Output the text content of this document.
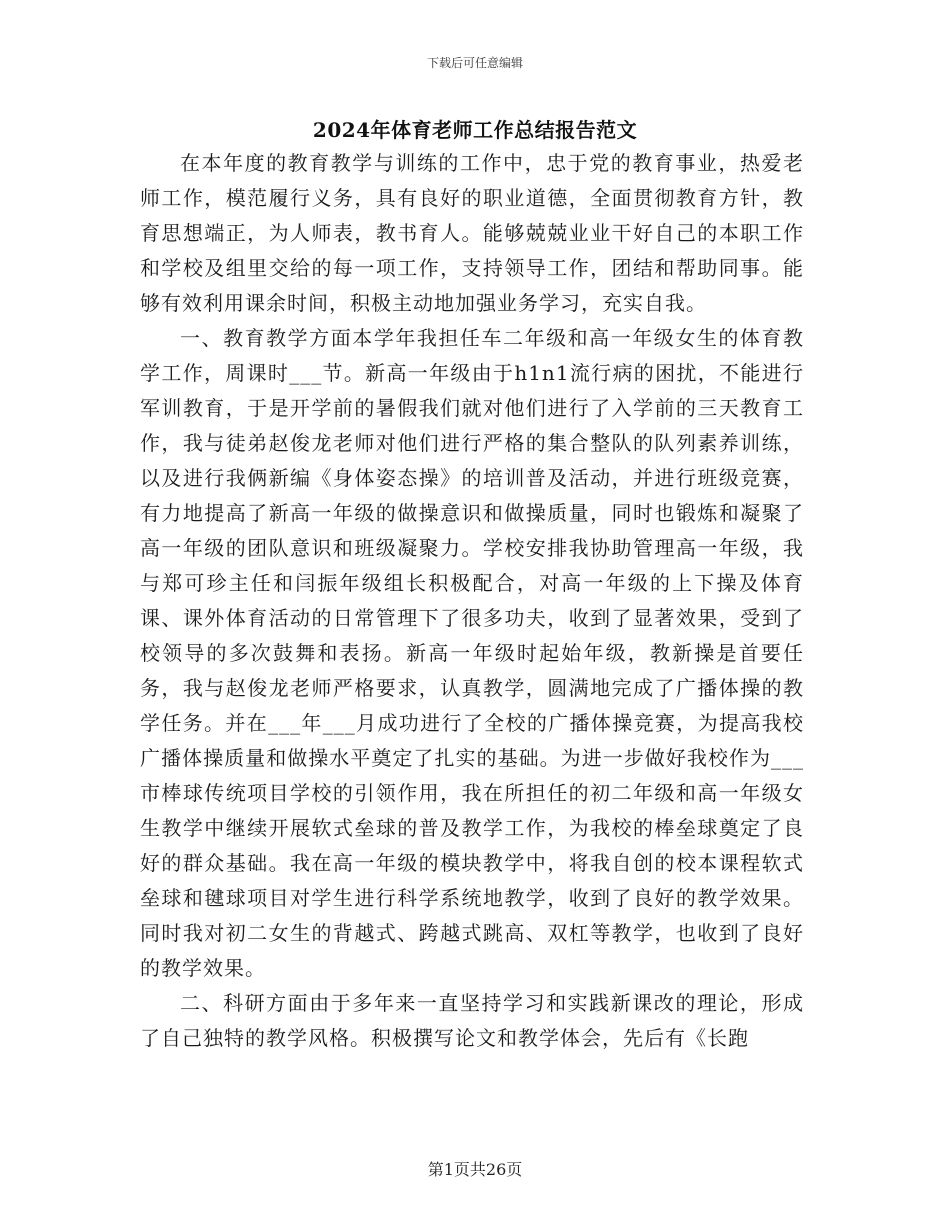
下载后可任意编辑
2024年体育老师工作总结报告范文

在本年度的教育教学与训练的工作中，忠于党的教育事业，热爱老师工作，模范履行义务，具有良好的职业道德，全面贯彻教育方针，教育思想端正，为人师表，教书育人。能够兢兢业业干好自己的本职工作和学校及组里交给的每一项工作，支持领导工作，团结和帮助同事。能够有效利用课余时间，积极主动地加强业务学习，充实自我。

一、教育教学方面本学年我担任车二年级和高一年级女生的体育教学工作，周课时___节。新高一年级由于h1n1流行病的困扰，不能进行军训教育，于是开学前的暑假我们就对他们进行了入学前的三天教育工作，我与徒弟赵俊龙老师对他们进行严格的集合整队的队列素养训练，以及进行我俩新编《身体姿态操》的培训普及活动，并进行班级竞赛，有力地提高了新高一年级的做操意识和做操质量，同时也锻炼和凝聚了高一年级的团队意识和班级凝聚力。学校安排我协助管理高一年级，我与郑可珍主任和闫振年级组长积极配合，对高一年级的上下操及体育课、课外体育活动的日常管理下了很多功夫，收到了显著效果，受到了校领导的多次鼓舞和表扬。新高一年级时起始年级，教新操是首要任务，我与赵俊龙老师严格要求，认真教学，圆满地完成了广播体操的教学任务。并在___年___月成功进行了全校的广播体操竞赛，为提高我校广播体操质量和做操水平奠定了扎实的基础。为进一步做好我校作为___市棒球传统项目学校的引领作用，我在所担任的初二年级和高一年级女生教学中继续开展软式垒球的普及教学工作，为我校的棒垒球奠定了良好的群众基础。我在高一年级的模块教学中，将我自创的校本课程软式垒球和毽球项目对学生进行科学系统地教学，收到了良好的教学效果。同时我对初二女生的背越式、跨越式跳高、双杠等教学，也收到了良好的教学效果。

二、科研方面由于多年来一直坚持学习和实践新课改的理论，形成了自己独特的教学风格。积极撰写论文和教学体会，先后有《长跑

第1页共26页
